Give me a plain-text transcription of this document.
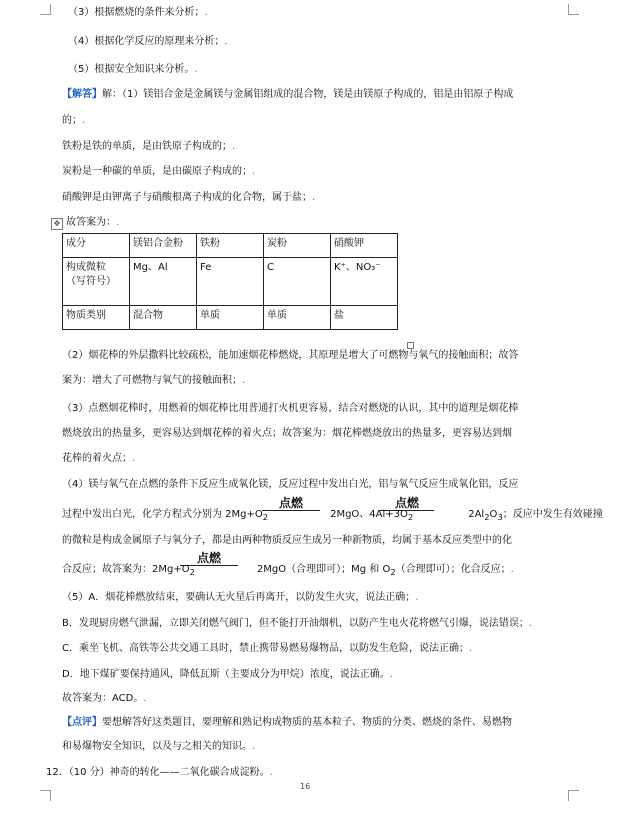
（3）根据燃烧的条件来分析；.
（4）根据化学反应的原理来分析；.
（5）根据安全知识来分析。.
【解答】解：（1）镁铝合金是金属镁与金属铝组成的混合物，镁是由镁原子构成的，铝是由铝原子构成
的；.
铁粉是铁的单质，是由铁原子构成的；.
炭粉是一种碳的单质，是由碳原子构成的；.
硝酸钾是由钾离子与硝酸根离子构成的化合物，属于盐；.
✥ 故答案为：.
成分	镁铝合金粉	铁粉	炭粉	硝酸钾
构成微粒
（写符号）	Mg、Al	Fe	C	K⁺、NO₃⁻
物质类别	混合物	单质	单质	盐
（2）烟花棒的外层撒料比较疏松，能加速烟花棒燃烧，其原理是增大了可燃物与氧气的接触面积；故答
案为：增大了可燃物与氧气的接触面积；.
（3）点燃烟花棒时，用燃着的烟花棒比用普通打火机更容易，结合对燃烧的认识，其中的道理是烟花棒
燃烧放出的热量多，更容易达到烟花棒的着火点；故答案为：烟花棒燃烧放出的热量多，更容易达到烟
花棒的着火点；.
（4）镁与氧气在点燃的条件下反应生成氧化镁，反应过程中发出白光，铝与氧气反应生成氧化铝，反应
过程中发出白光，化学方程式分别为 $2Mg+O_2$	2MgO、$4Al+3O_2$	$2Al_2O_3$；反应中发生有效碰撞
点燃	点燃
的微粒是构成金属原子与氧分子，都是由两种物质反应生成另一种新物质，均属于基本反应类型中的化
合反应；故答案为：$2Mg+O_2$	2MgO（合理即可）；Mg 和 $O_2$（合理即可）；化合反应；.
点燃
（5）A．烟花棒燃放结束，要确认无火星后再离开，以防发生火灾，说法正确；.
B．发现厨房燃气泄漏，立即关闭燃气阀门，但不能打开油烟机，以防产生电火花将燃气引爆，说法错误；.
C．乘坐飞机、高铁等公共交通工具时，禁止携带易燃易爆物品，以防发生危险，说法正确；.
D．地下煤矿要保持通风，降低瓦斯（主要成分为甲烷）浓度，说法正确。.
故答案为：ACD。.
【点评】要想解答好这类题目，要理解和熟记构成物质的基本粒子、物质的分类、燃烧的条件、易燃物
和易爆物安全知识，以及与之相关的知识。.
12．（10 分）神奇的转化——二氧化碳合成淀粉。.
16
